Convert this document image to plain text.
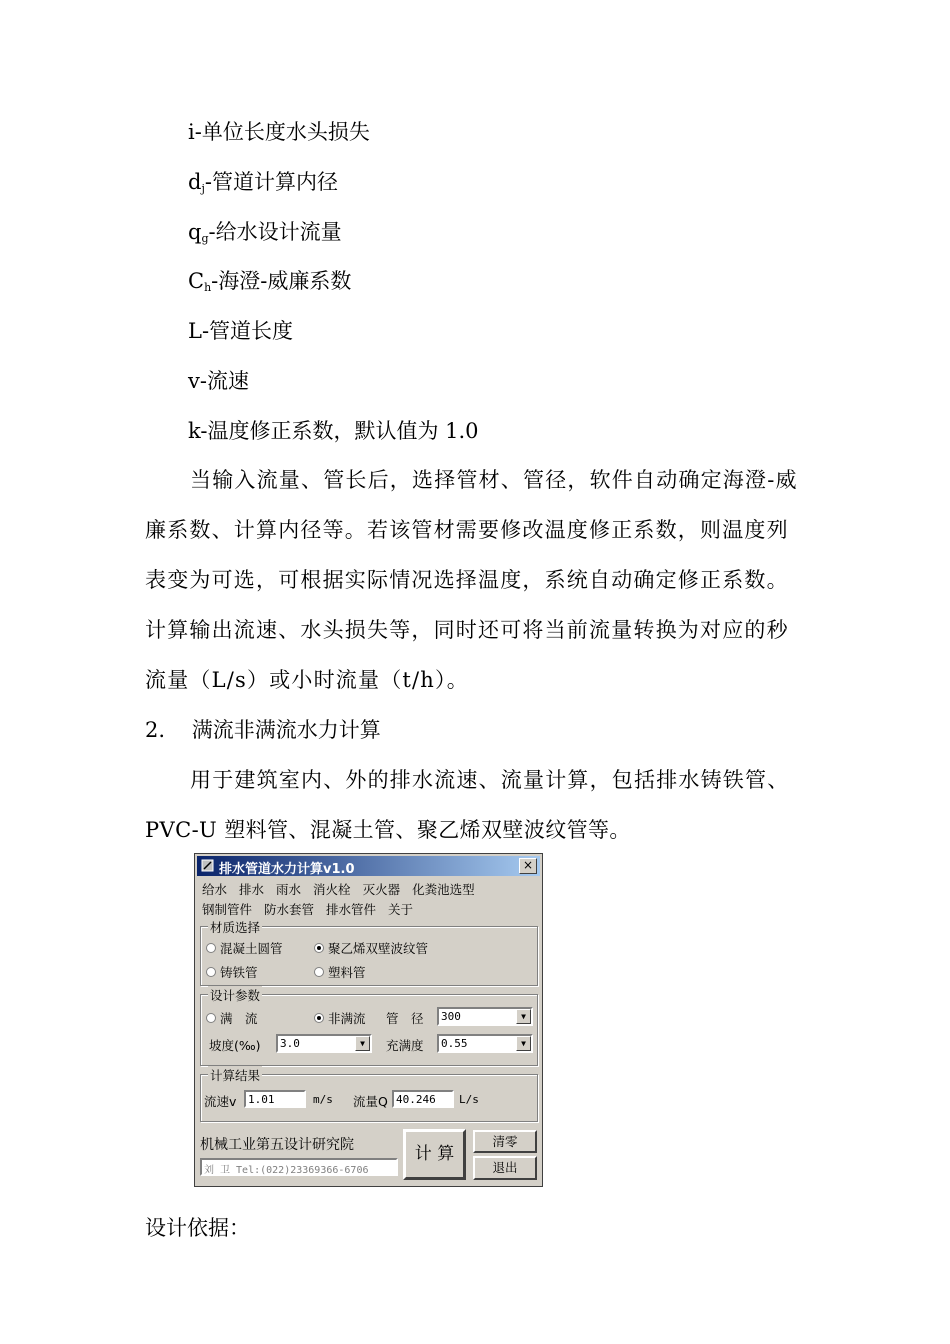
i-单位长度水头损失
$d_j-$管道计算内径
$q_g-$给水设计流量
$C_h-$海澄-威廉系数
L-管道长度
v-流速
k-温度修正系数，默认值为 1.0
当输入流量、管长后，选择管材、管径，软件自动确定海澄-威
廉系数、计算内径等。若该管材需要修改温度修正系数，则温度列
表变为可选，可根据实际情况选择温度，系统自动确定修正系数。
计算输出流速、水头损失等，同时还可将当前流量转换为对应的秒
流量（L/s）或小时流量（t/h）。
2. 满流非满流水力计算
用于建筑室内、外的排水流速、流量计算，包括排水铸铁管、
PVC-U 塑料管、混凝土管、聚乙烯双壁波纹管等。
排水管道水力计算v1.0	×
给水 排水 雨水 消火栓 灭火器 化粪池选型
钢制管件 防水套管 排水管件 关于
材质选择
混凝土圆管	聚乙烯双壁波纹管
铸铁管	塑料管
设计参数
满　流	非满流 管　径 300	▼
坡度(‰) 3.0	▼	充满度 0.55	▼
计算结果
流速v 1.01	m/s 流量Q 40.246 L/s
机械工业第五设计研究院
刘 卫 Tel:(022)23369366-6706
计 算
清零
退出
设计依据：
